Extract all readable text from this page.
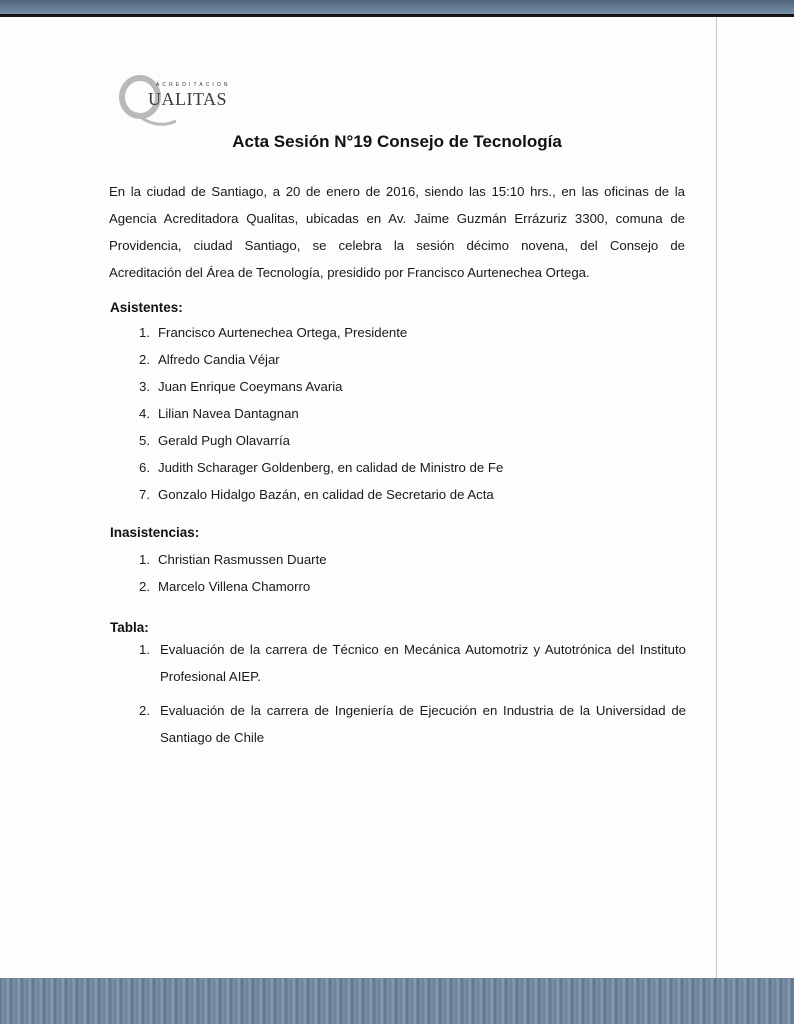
ACREDITACION
UALITAS
Acta Sesión N°19 Consejo de Tecnología
En la ciudad de Santiago, a 20 de enero de 2016, siendo las 15:10 hrs., en las oficinas de la
Agencia Acreditadora Qualitas, ubicadas en Av. Jaime Guzmán Errázuriz 3300, comuna de
Providencia, ciudad Santiago, se celebra la sesión décimo novena, del Consejo de
Acreditación del Área de Tecnología, presidido por Francisco Aurtenechea Ortega.
Asistentes:
1. Francisco Aurtenechea Ortega, Presidente
2. Alfredo Candia Véjar
3. Juan Enrique Coeymans Avaria
4. Lilian Navea Dantagnan
5. Gerald Pugh Olavarría
6. Judith Scharager Goldenberg, en calidad de Ministro de Fe
7. Gonzalo Hidalgo Bazán, en calidad de Secretario de Acta
Inasistencias:
1. Christian Rasmussen Duarte
2. Marcelo Villena Chamorro
Tabla:
1. Evaluación de la carrera de Técnico en Mecánica Automotriz y Autotrónica del Instituto Profesional AIEP.
2. Evaluación de la carrera de Ingeniería de Ejecución en Industria de la Universidad de Santiago de Chile
